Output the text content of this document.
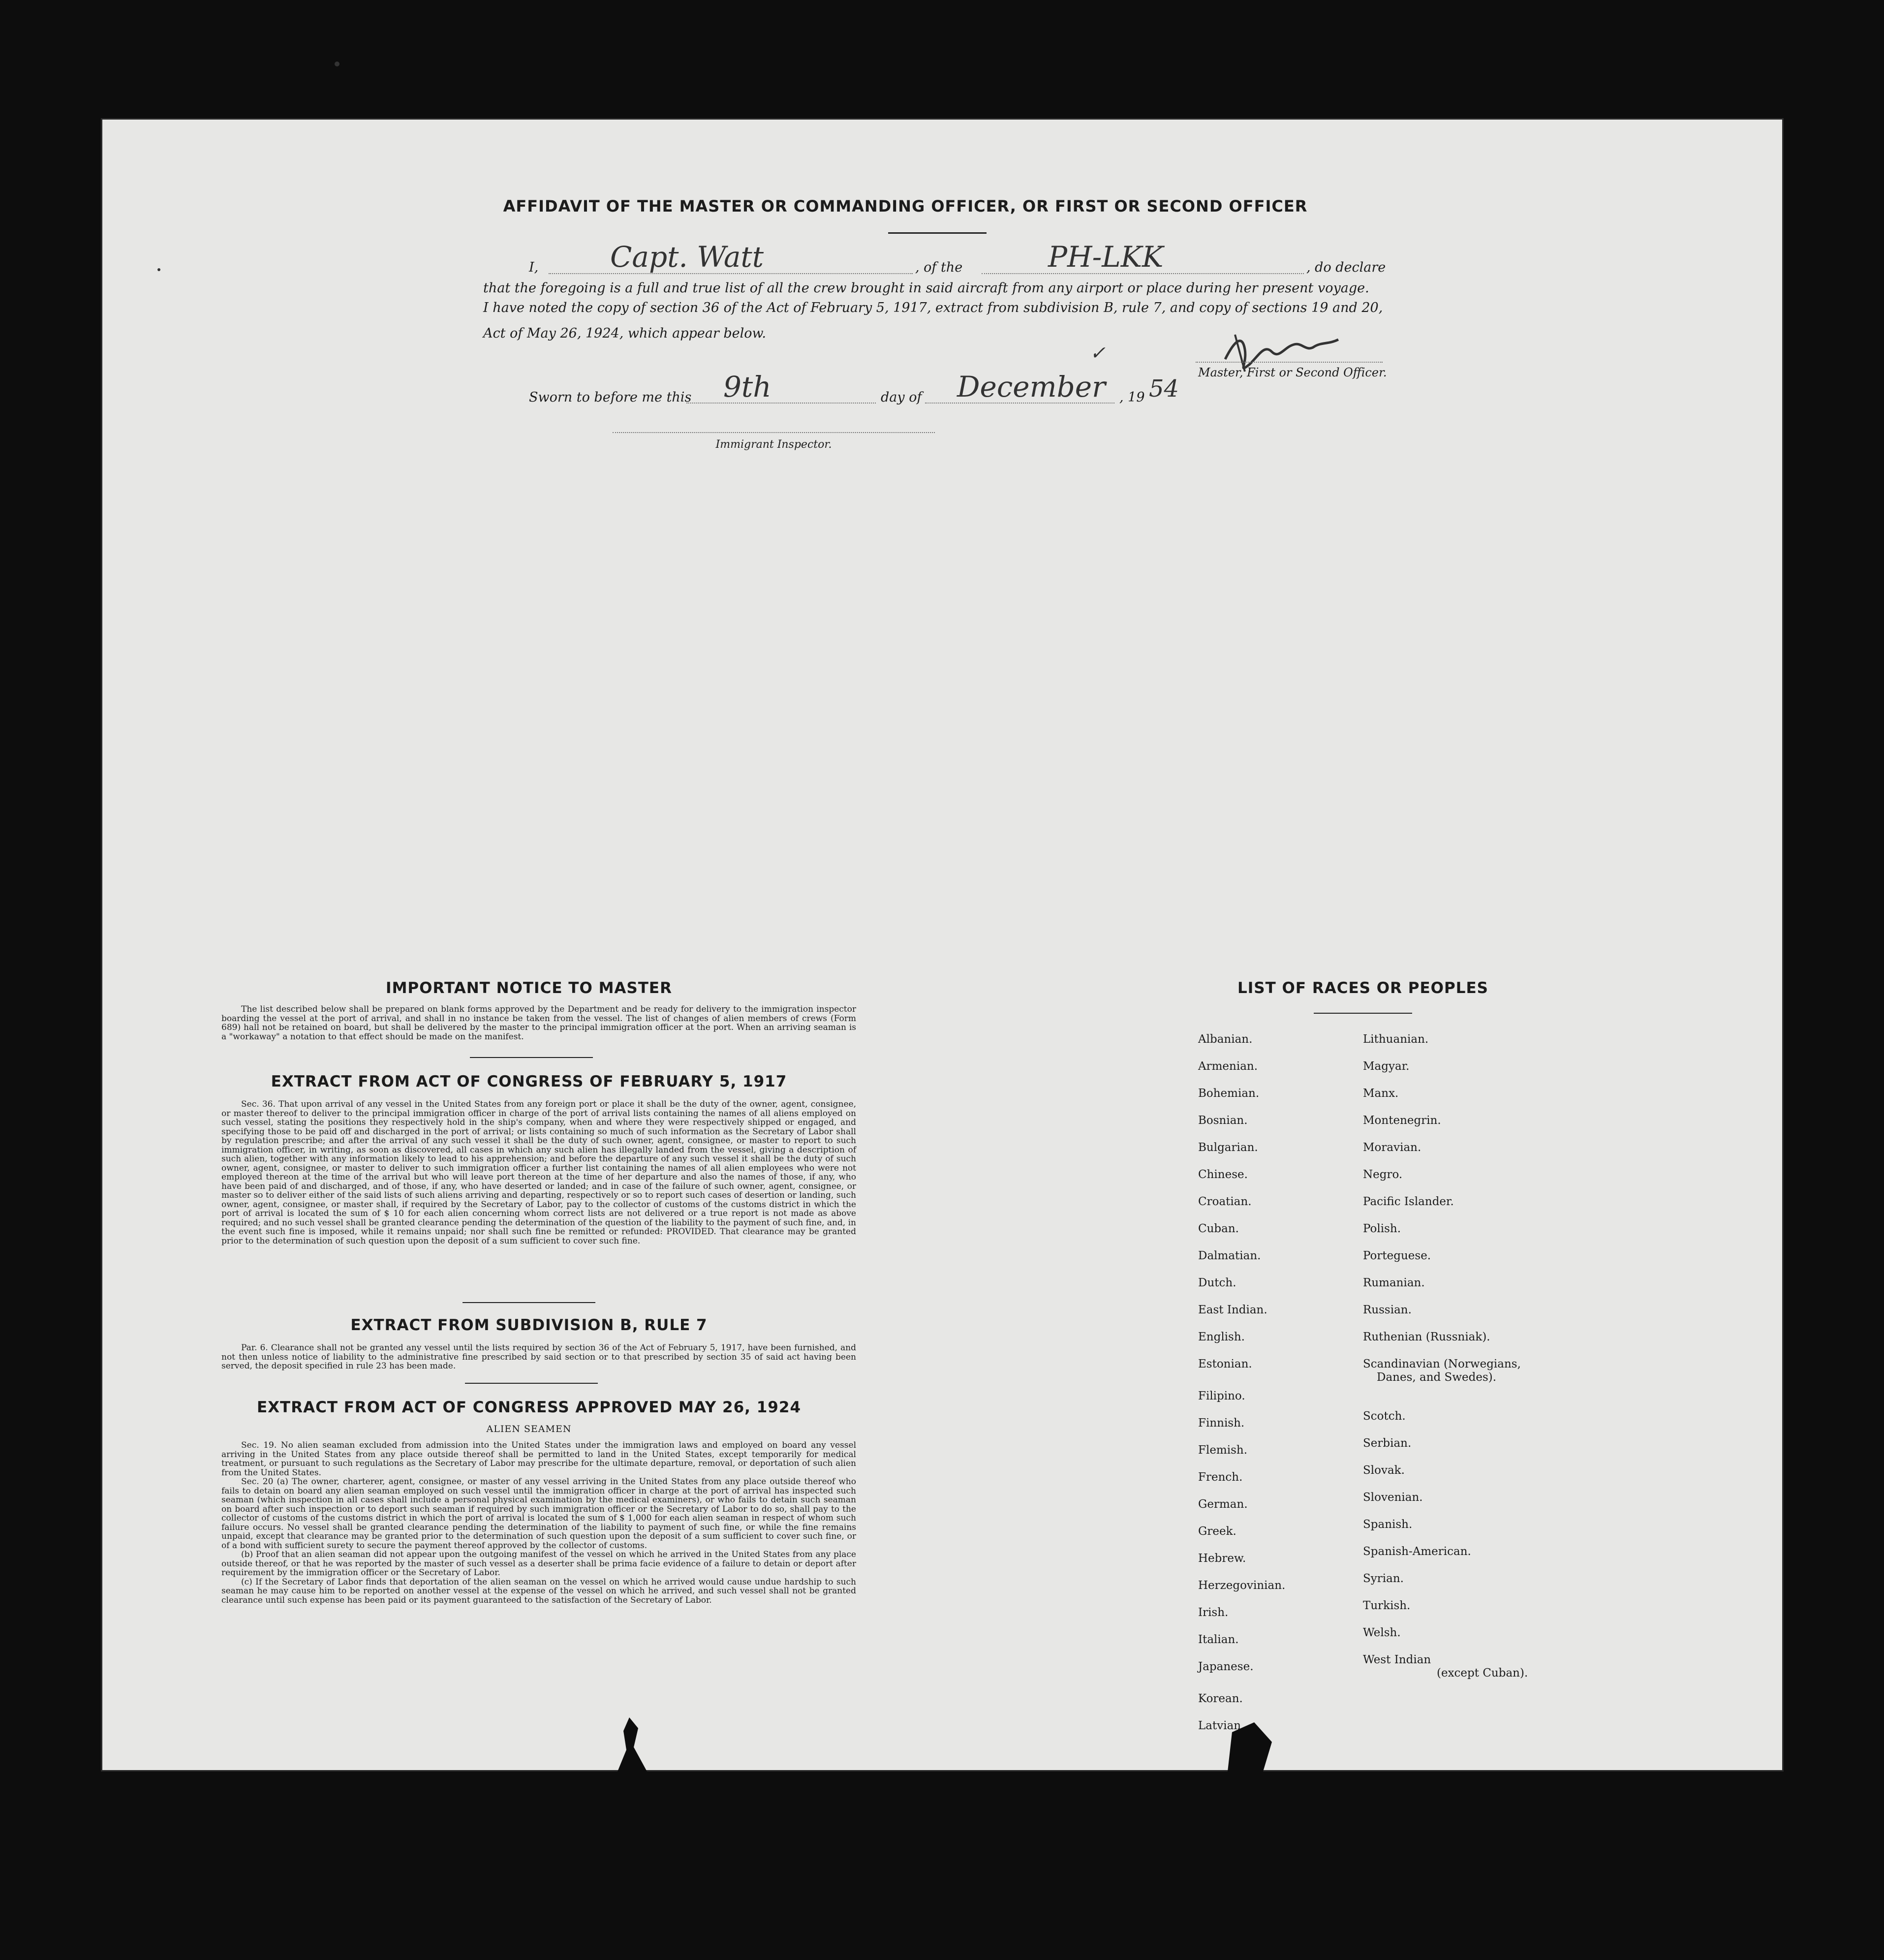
AFFIDAVIT OF THE MASTER OR COMMANDING OFFICER, OR FIRST OR SECOND OFFICER
I,	Capt. Watt	, of the	PH-LKK	, do declare
that the foregoing is a full and true list of all the crew brought in said aircraft from any airport or place during her present voyage.
I have noted the copy of section 36 of the Act of February 5, 1917, extract from subdivision B, rule 7, and copy of sections 19 and 20,
Act of May 26, 1924, which appear below.
Master, First or Second Officer.
Sworn to before me this 9th	day of December , 19 54
✓
Immigrant Inspector.
IMPORTANT NOTICE TO MASTER

The list described below shall be prepared on blank forms approved by the Department and be ready for delivery to the immigration inspector boarding the vessel at the port of arrival, and shall in no instance be taken from the vessel. The list of changes of alien members of crews (Form 689) hall not be retained on board, but shall be delivered by the master to the principal immigration officer at the port. When an arriving seaman is a "workaway" a notation to that effect should be made on the manifest.

EXTRACT FROM ACT OF CONGRESS OF FEBRUARY 5, 1917

Sec. 36. That upon arrival of any vessel in the United States from any foreign port or place it shall be the duty of the owner, agent, consignee, or master thereof to deliver to the principal immigration officer in charge of the port of arrival lists containing the names of all aliens employed on such vessel, stating the positions they respectively hold in the ship's company, when and where they were respectively shipped or engaged, and specifying those to be paid off and discharged in the port of arrival; or lists containing so much of such information as the Secretary of Labor shall by regulation prescribe; and after the arrival of any such vessel it shall be the duty of such owner, agent, consignee, or master to report to such immigration officer, in writing, as soon as discovered, all cases in which any such alien has illegally landed from the vessel, giving a description of such alien, together with any information likely to lead to his apprehension; and before the departure of any such vessel it shall be the duty of such owner, agent, consignee, or master to deliver to such immigration officer a further list containing the names of all alien employees who were not employed thereon at the time of the arrival but who will leave port thereon at the time of her departure and also the names of those, if any, who have been paid of and discharged, and of those, if any, who have deserted or landed; and in case of the failure of such owner, agent, consignee, or master so to deliver either of the said lists of such aliens arriving and departing, respectively or so to report such cases of desertion or landing, such owner, agent, consignee, or master shall, if required by the Secretary of Labor, pay to the collector of customs of the customs district in which the port of arrival is located the sum of $ 10 for each alien concerning whom correct lists are not delivered or a true report is not made as above required; and no such vessel shall be granted clearance pending the determination of the question of the liability to the payment of such fine, and, in the event such fine is imposed, while it remains unpaid; nor shall such fine be remitted or refunded: PROVIDED. That clearance may be granted prior to the determination of such question upon the deposit of a sum sufficient to cover such fine.

EXTRACT FROM SUBDIVISION B, RULE 7

Par. 6. Clearance shall not be granted any vessel until the lists required by section 36 of the Act of February 5, 1917, have been furnished, and not then unless notice of liability to the administrative fine prescribed by said section or to that prescribed by section 35 of said act having been served, the deposit specified in rule 23 has been made.

EXTRACT FROM ACT OF CONGRESS APPROVED MAY 26, 1924
ALIEN SEAMEN

Sec. 19. No alien seaman excluded from admission into the United States under the immigration laws and employed on board any vessel arriving in the United States from any place outside thereof shall be permitted to land in the United States, except temporarily for medical treatment, or pursuant to such regulations as the Secretary of Labor may prescribe for the ultimate departure, removal, or deportation of such alien from the United States.

Sec. 20 (a) The owner, charterer, agent, consignee, or master of any vessel arriving in the United States from any place outside thereof who fails to detain on board any alien seaman employed on such vessel until the immigration officer in charge at the port of arrival has inspected such seaman (which inspection in all cases shall include a personal physical examination by the medical examiners), or who fails to detain such seaman on board after such inspection or to deport such seaman if required by such immigration officer or the Secretary of Labor to do so, shall pay to the collector of customs of the customs district in which the port of arrival is located the sum of $ 1,000 for each alien seaman in respect of whom such failure occurs. No vessel shall be granted clearance pending the determination of the liability to payment of such fine, or while the fine remains unpaid, except that clearance may be granted prior to the determination of such question upon the deposit of a sum sufficient to cover such fine, or of a bond with sufficient surety to secure the payment thereof approved by the collector of customs.

(b) Proof that an alien seaman did not appear upon the outgoing manifest of the vessel on which he arrived in the United States from any place outside thereof, or that he was reported by the master of such vessel as a deserter shall be prima facie evidence of a failure to detain or deport after requirement by the immigration officer or the Secretary of Labor.

(c) If the Secretary of Labor finds that deportation of the alien seaman on the vessel on which he arrived would cause undue hardship to such seaman he may cause him to be reported on another vessel at the expense of the vessel on which he arrived, and such vessel shall not be granted clearance until such expense has been paid or its payment guaranteed to the satisfaction of the Secretary of Labor.

LIST OF RACES OR PEOPLES
Albanian.
Armenian.
Bohemian.
Bosnian.
Bulgarian.
Chinese.
Croatian.
Cuban.
Dalmatian.
Dutch.
East Indian.
English.
Estonian.
Filipino.
Finnish.
Flemish.
French.
German.
Greek.
Hebrew.
Herzegovinian.
Irish.
Italian.
Japanese.
Korean.
Latvian
Lithuanian.
Magyar.
Manx.
Montenegrin.
Moravian.
Negro.
Pacific Islander.
Polish.
Porteguese.
Rumanian.
Russian.
Ruthenian (Russniak).
Scandinavian (Norwegians,
Danes, and Swedes).
Scotch.
Serbian.
Slovak.
Slovenian.
Spanish.
Spanish-American.
Syrian.
Turkish.
Welsh.
West Indian
(except Cuban).
